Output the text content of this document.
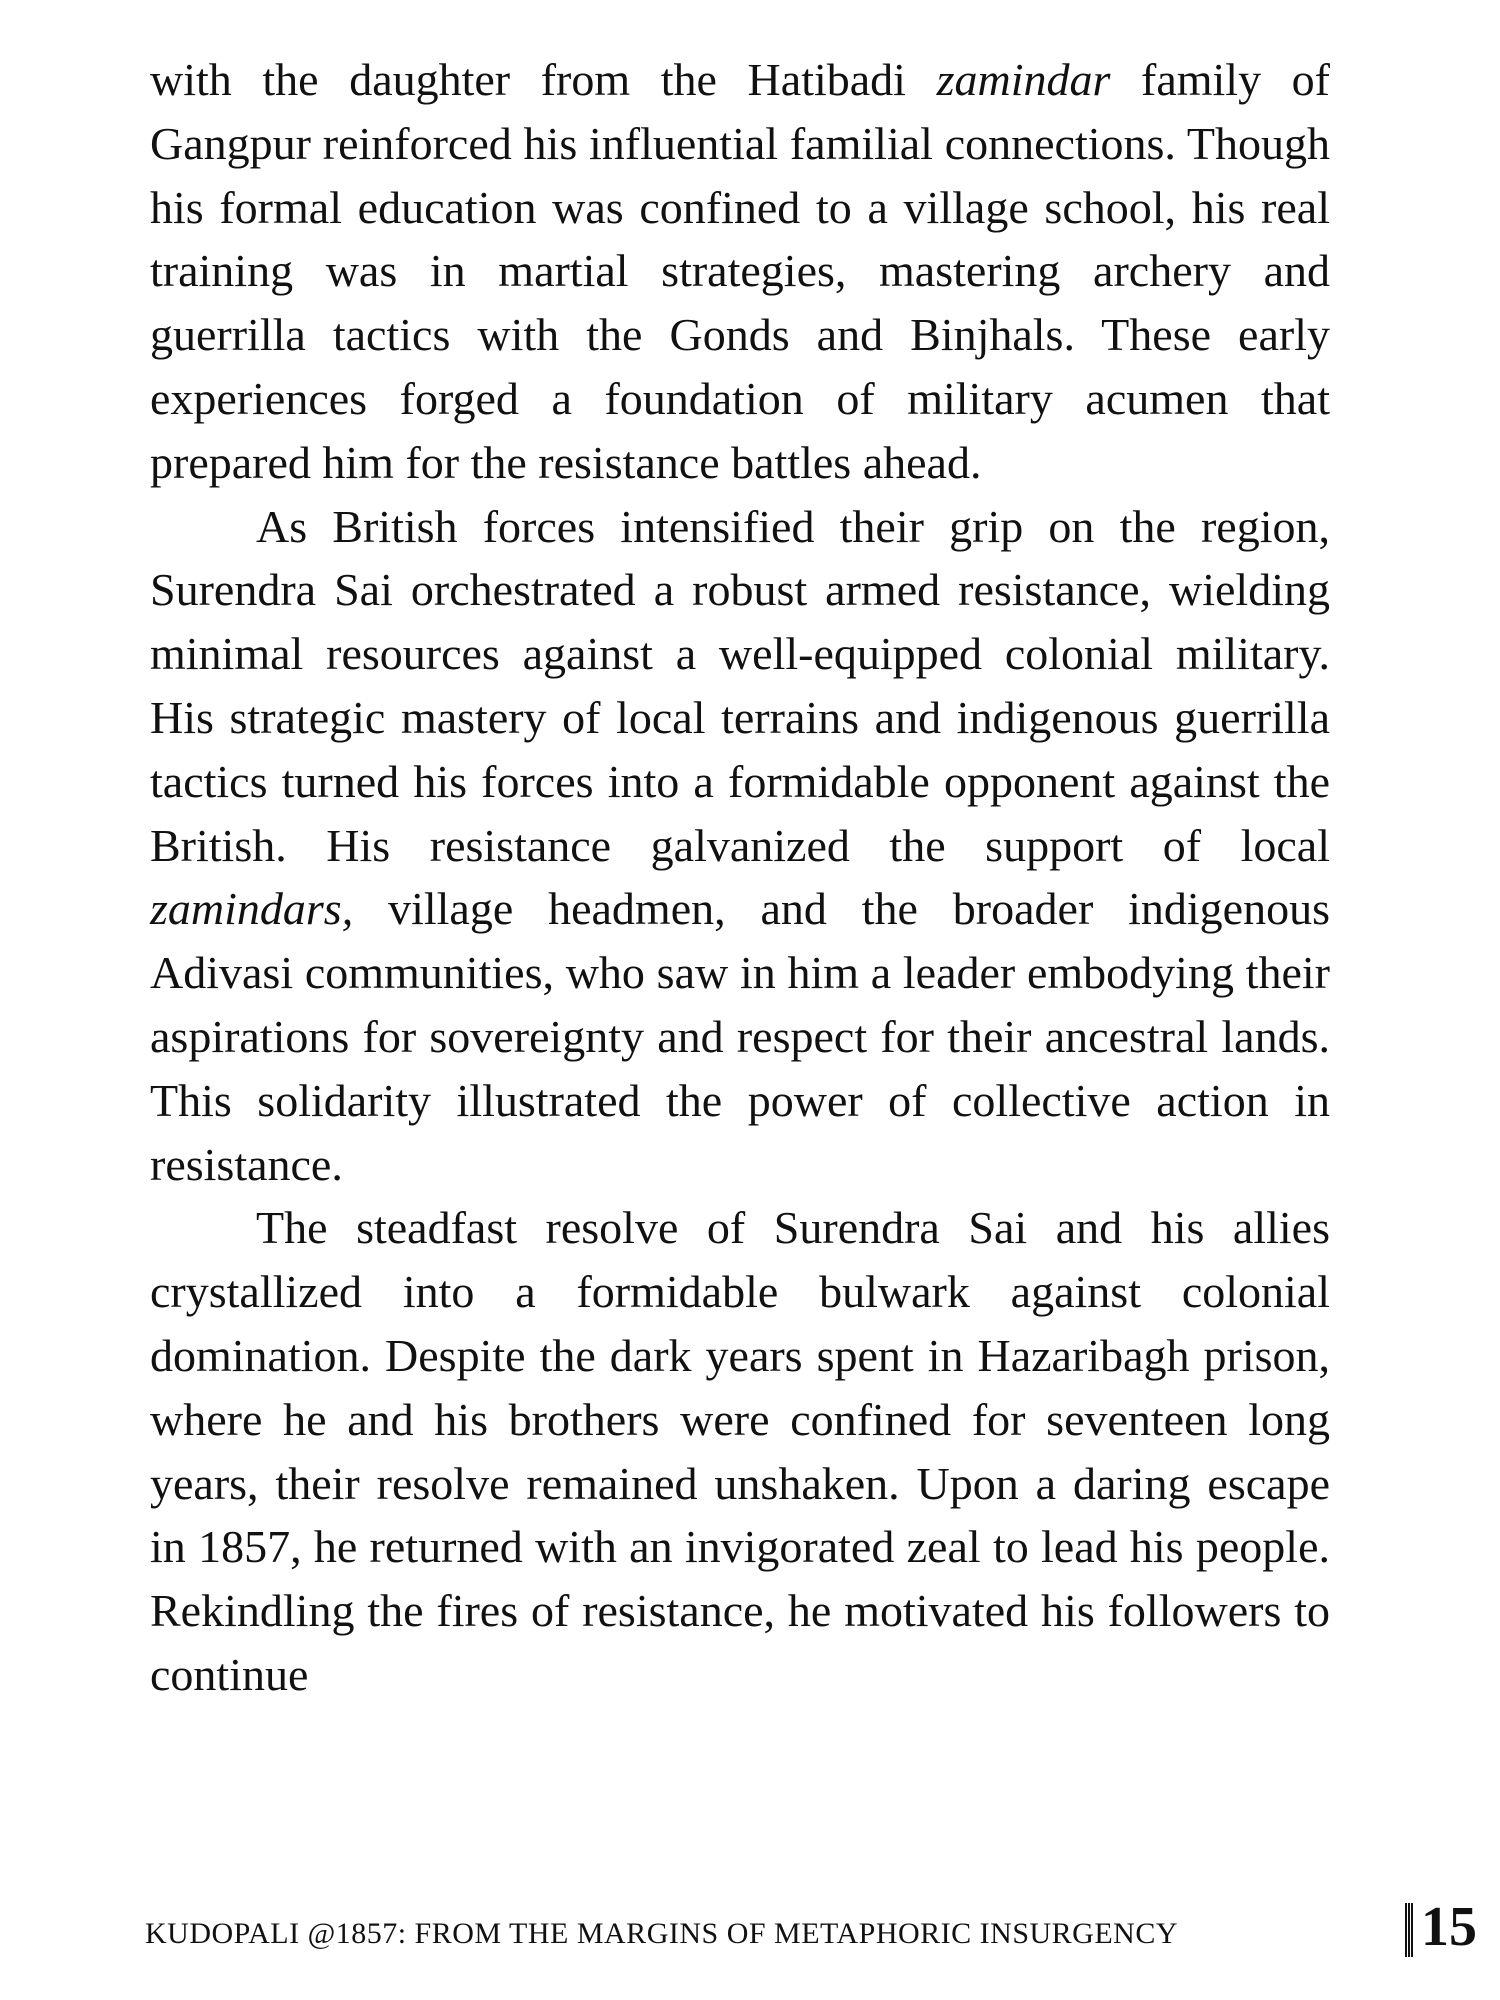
with the daughter from the Hatibadi zamindar family of Gangpur reinforced his influential familial connections. Though his formal education was confined to a village school, his real training was in martial strategies, mastering archery and guerrilla tactics with the Gonds and Binjhals. These early experiences forged a foundation of military acumen that prepared him for the resistance battles ahead.

As British forces intensified their grip on the region, Surendra Sai orchestrated a robust armed resistance, wielding minimal resources against a well-equipped colonial military. His strategic mastery of local terrains and indigenous guerrilla tactics turned his forces into a formidable opponent against the British. His resistance galvanized the support of local zamindars, village headmen, and the broader indigenous Adivasi communities, who saw in him a leader embodying their aspirations for sovereignty and respect for their ancestral lands. This solidarity illustrated the power of collective action in resistance.

The steadfast resolve of Surendra Sai and his allies crystallized into a formidable bulwark against colonial domination. Despite the dark years spent in Hazaribagh prison, where he and his brothers were confined for seventeen long years, their resolve remained unshaken. Upon a daring escape in 1857, he returned with an invigorated zeal to lead his people. Rekindling the fires of resistance, he motivated his followers to continue

KUDOPALI @1857: FROM THE MARGINS OF METAPHORIC INSURGENCY	15
